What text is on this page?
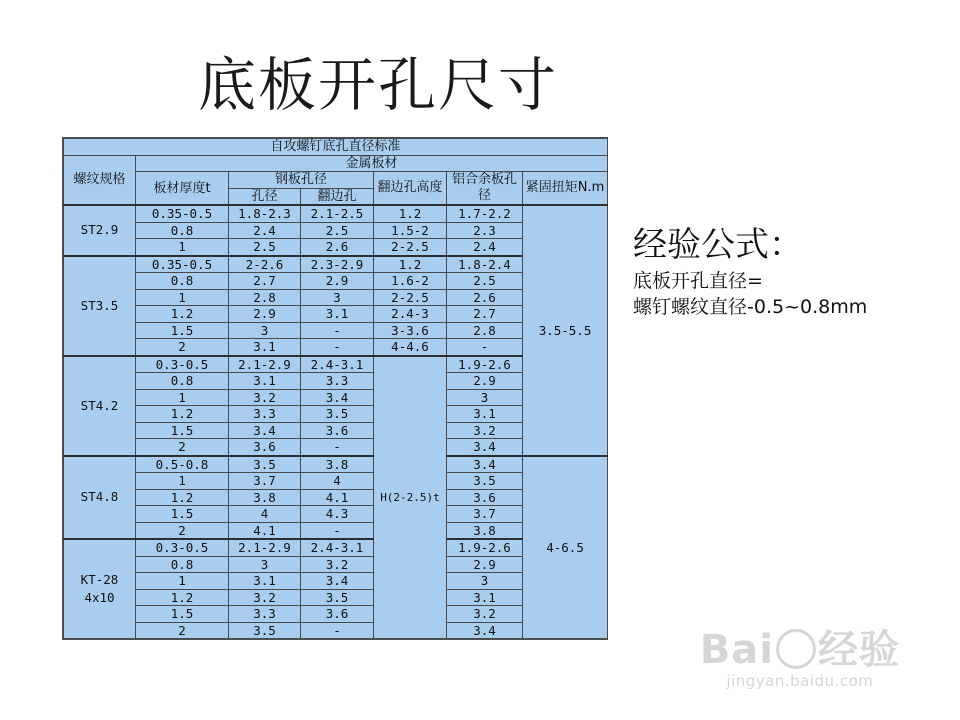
底板开孔尺寸
自攻螺钉底孔直径标准						
螺纹规格	金属板材					
	板材厚度t	钢板孔径		翻边孔高度	铝合余板孔径	紧固扭矩N.m
		孔径	翻边孔			
ST2.9	0.35-0.5	1.8-2.3	2.1-2.5	1.2	1.7-2.2	3.5-5.5
	0.8	2.4	2.5	1.5-2	2.3	
	1	2.5	2.6	2-2.5	2.4	
ST3.5	0.35-0.5	2-2.6	2.3-2.9	1.2	1.8-2.4	
	0.8	2.7	2.9	1.6-2	2.5	
	1	2.8	3	2-2.5	2.6	
	1.2	2.9	3.1	2.4-3	2.7	
	1.5	3	-	3-3.6	2.8	
	2	3.1	-	4-4.6	-	
ST4.2	0.3-0.5	2.1-2.9	2.4-3.1	H(2-2.5)t	1.9-2.6	
	0.8	3.1	3.3		2.9	
	1	3.2	3.4		3	
	1.2	3.3	3.5		3.1	
	1.5	3.4	3.6		3.2	
	2	3.6	-		3.4	
ST4.8	0.5-0.8	3.5	3.8		3.4	4-6.5
	1	3.7	4		3.5	
	1.2	3.8	4.1		3.6	
	1.5	4	4.3		3.7	
	2	4.1	-		3.8	
KT-28
4x10	0.3-0.5	2.1-2.9	2.4-3.1		1.9-2.6	
	0.8	3	3.2		2.9	
	1	3.1	3.4		3	
	1.2	3.2	3.5		3.1	
	1.5	3.3	3.6		3.2	
	2	3.5	-		3.4	
经验公式：
底板开孔直径=
螺钉螺纹直径-0.5~0.8mm
Bai 经验
jingyan.baidu.com
